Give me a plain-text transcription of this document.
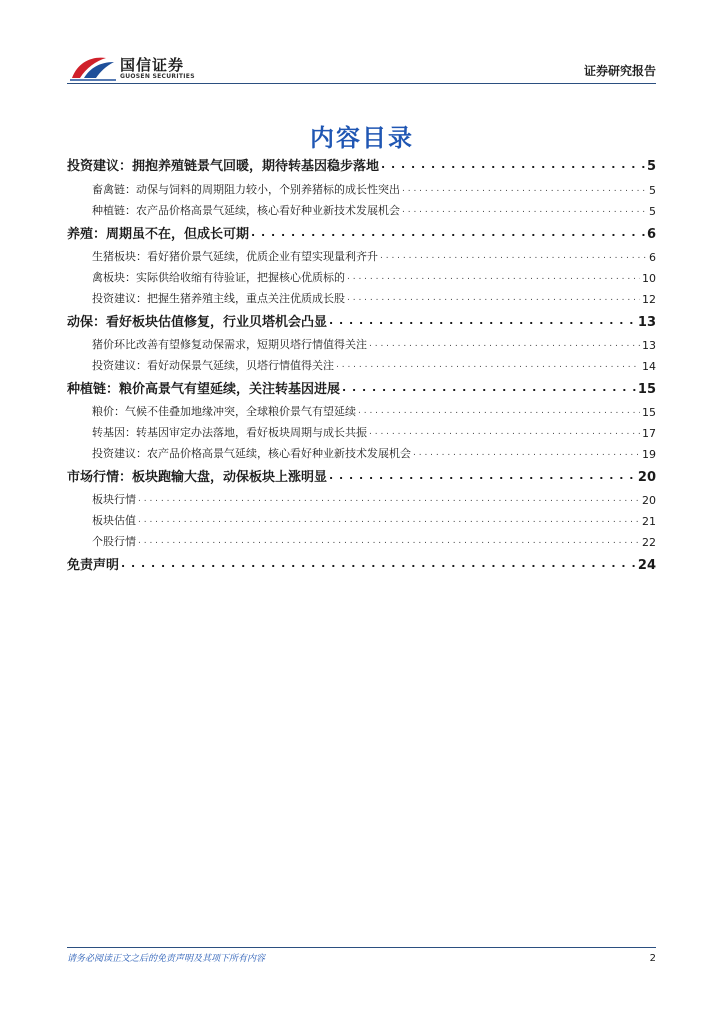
国信证券
GUOSEN SECURITIES	证券研究报告
内容目录
投资建议：拥抱养殖链景气回暖，期待转基因稳步落地 . . .	5
畜禽链：动保与饲料的周期阻力较小，个别养猪标的成长性突出 . . .	5
种植链：农产品价格高景气延续，核心看好种业新技术发展机会 . . .	5
养殖：周期虽不在，但成长可期 . . .	6
生猪板块：看好猪价景气延续，优质企业有望实现量利齐升 . . .	6
禽板块：实际供给收缩有待验证，把握核心优质标的 . . .	10
投资建议：把握生猪养殖主线，重点关注优质成长股 . . .	12
动保：看好板块估值修复，行业贝塔机会凸显 . . .	13
猪价环比改善有望修复动保需求，短期贝塔行情值得关注 . . .	13
投资建议：看好动保景气延续，贝塔行情值得关注 . . .	14
种植链：粮价高景气有望延续，关注转基因进展 . . .	15
粮价：气候不佳叠加地缘冲突，全球粮价景气有望延续 . . .	15
转基因：转基因审定办法落地，看好板块周期与成长共振 . . .	17
投资建议：农产品价格高景气延续，核心看好种业新技术发展机会 . . .	19
市场行情：板块跑输大盘，动保板块上涨明显 . . .	20
板块行情 . . .	20
板块估值 . . .	21
个股行情 . . .	22
免责声明 . . .	24
请务必阅读正文之后的免责声明及其项下所有内容	2
